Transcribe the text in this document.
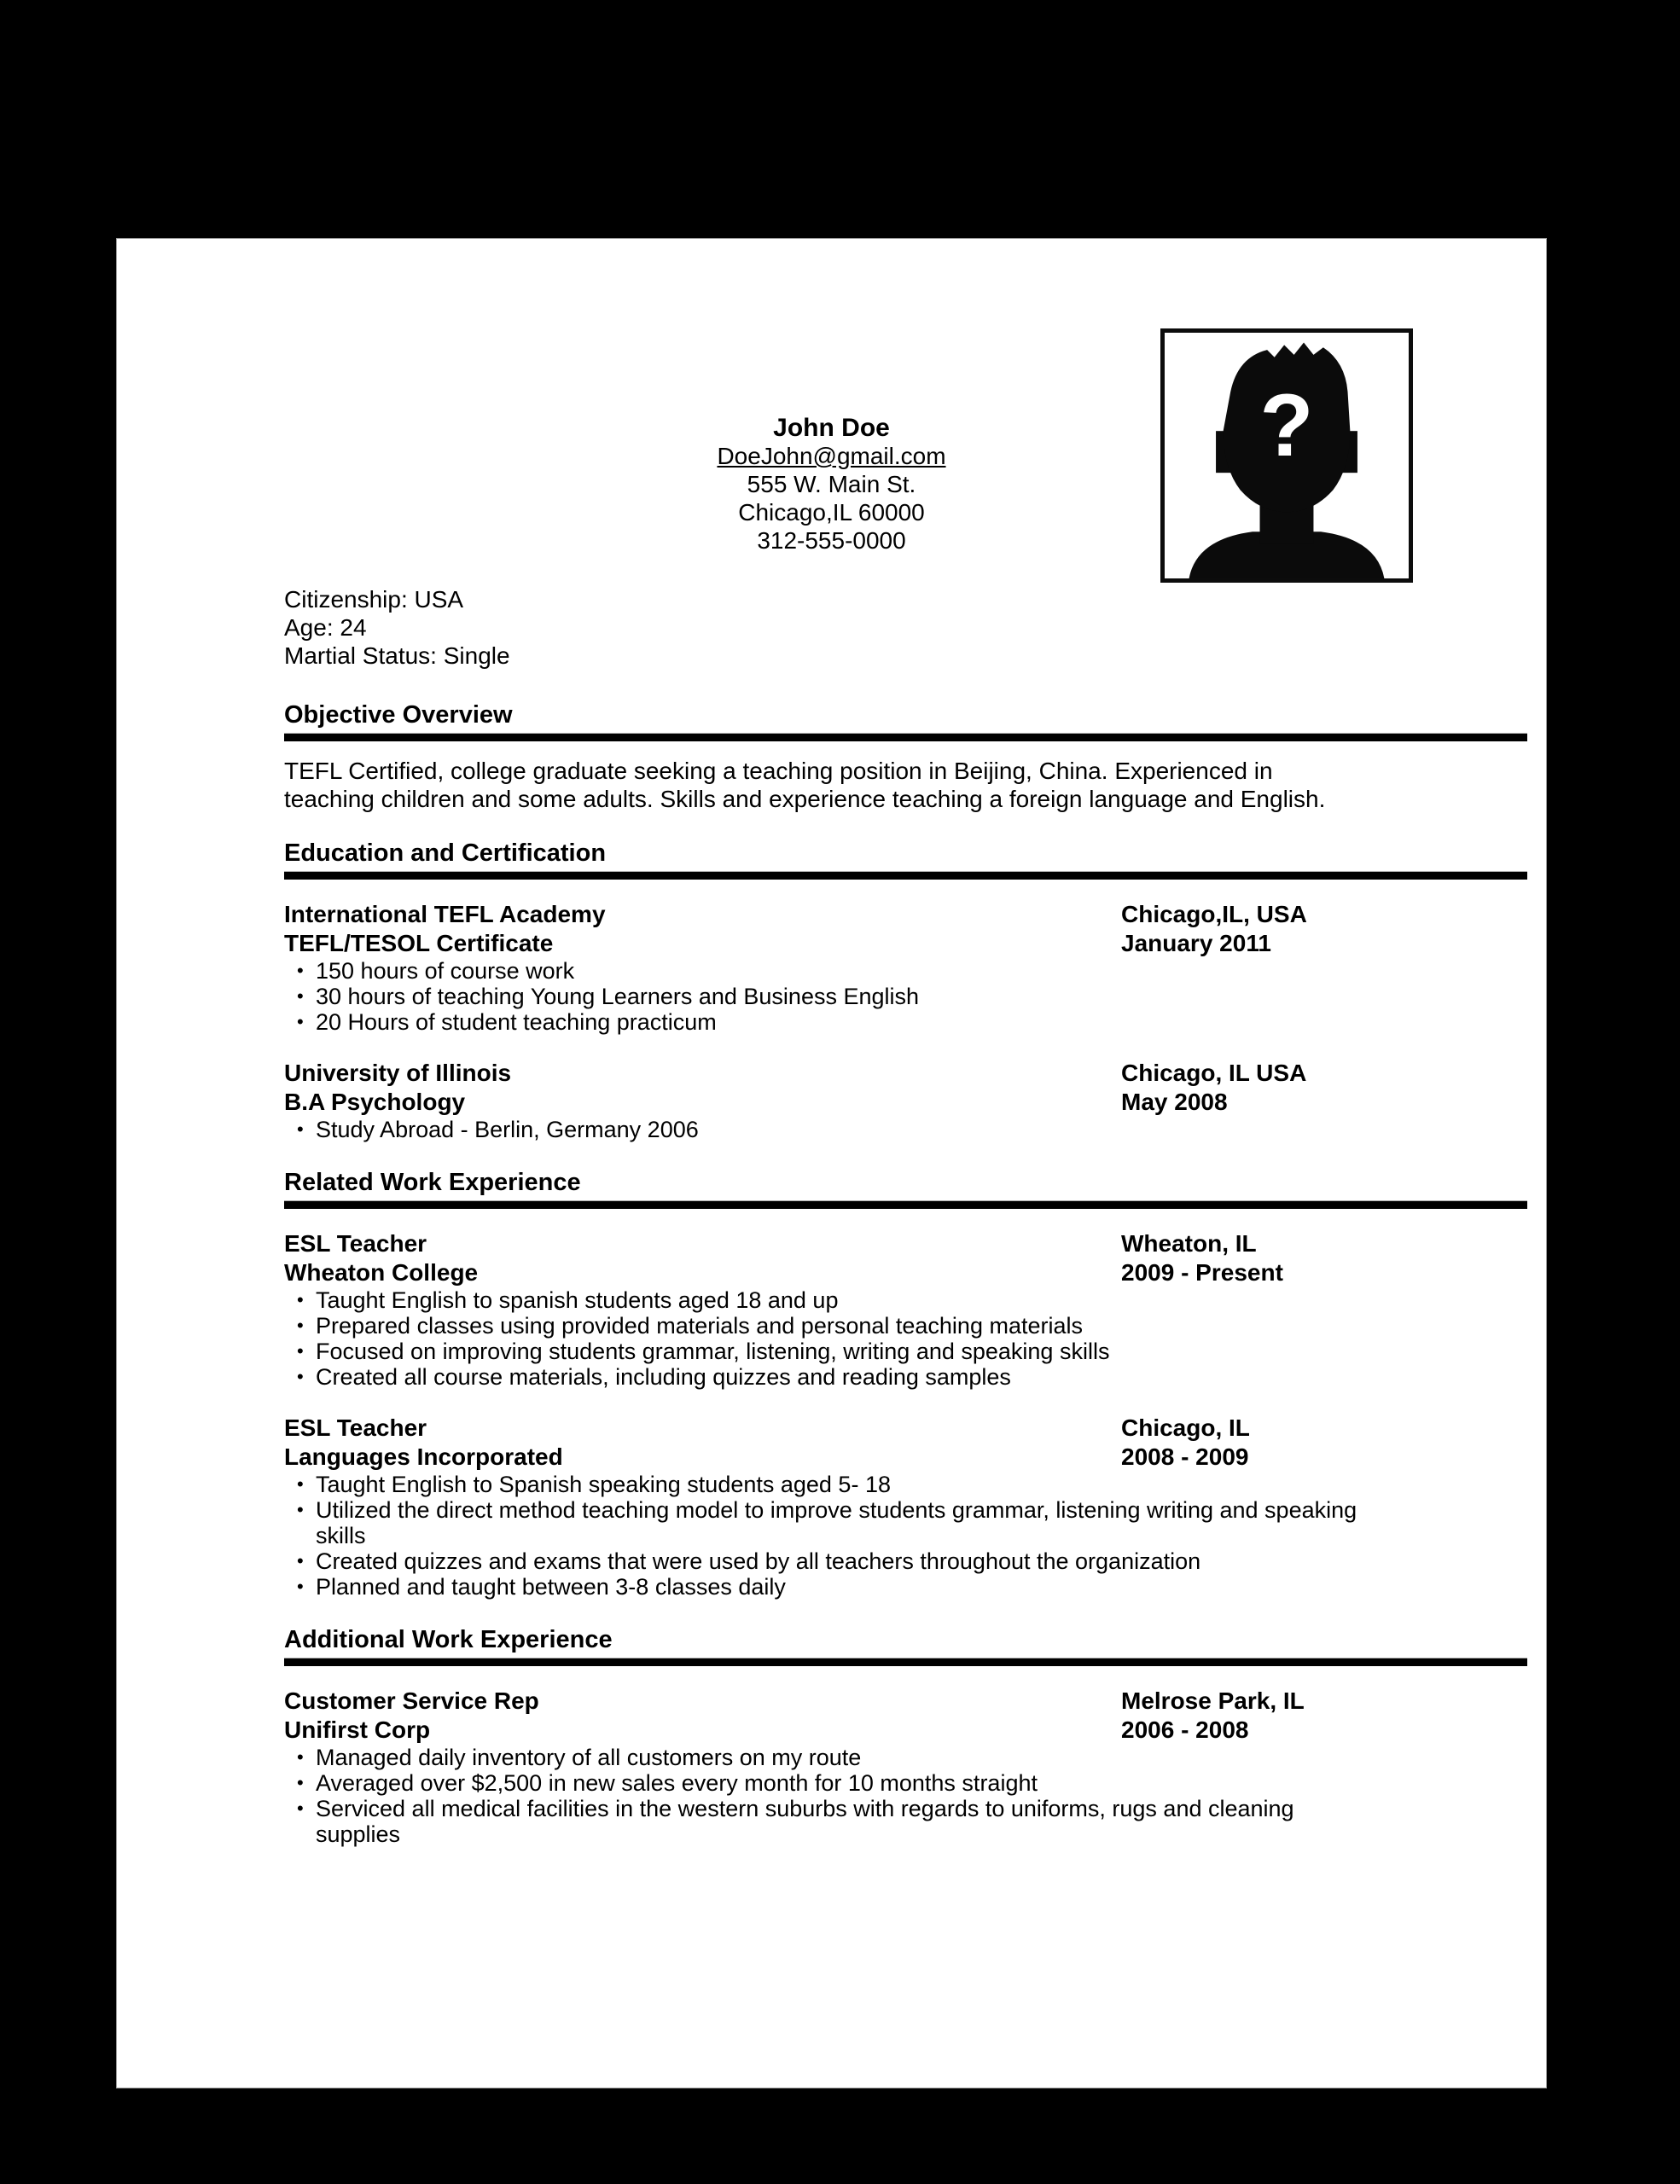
John Doe
DoeJohn@gmail.com
555 W. Main St.
Chicago,IL 60000
312-555-0000
?
Citizenship: USA
Age: 24
Martial Status: Single
Objective Overview

TEFL Certified, college graduate seeking a teaching position in Beijing, China. Experienced in teaching children and some adults. Skills and experience teaching a foreign language and English.

Education and Certification
International TEFL Academy
TEFL/TESOL Certificate
Chicago,IL, USA
January 2011
• 150 hours of course work
• 30 hours of teaching Young Learners and Business English
• 20 Hours of student teaching practicum
University of Illinois
B.A Psychology
Chicago, IL USA
May 2008
• Study Abroad - Berlin, Germany 2006
Related Work Experience
ESL Teacher
Wheaton College
Wheaton, IL
2009 - Present
• Taught English to spanish students aged 18 and up
• Prepared classes using provided materials and personal teaching materials
• Focused on improving students grammar, listening, writing and speaking skills
• Created all course materials, including quizzes and reading samples
ESL Teacher
Languages Incorporated
Chicago, IL
2008 - 2009
• Taught English to Spanish speaking students aged 5- 18
• Utilized the direct method teaching model to improve students grammar, listening writing and speaking skills
• Created quizzes and exams that were used by all teachers throughout the organization
• Planned and taught between 3-8 classes daily
Additional Work Experience
Customer Service Rep
Unifirst Corp
Melrose Park, IL
2006 - 2008
• Managed daily inventory of all customers on my route
• Averaged over $2,500 in new sales every month for 10 months straight
• Serviced all medical facilities in the western suburbs with regards to uniforms, rugs and cleaning supplies
